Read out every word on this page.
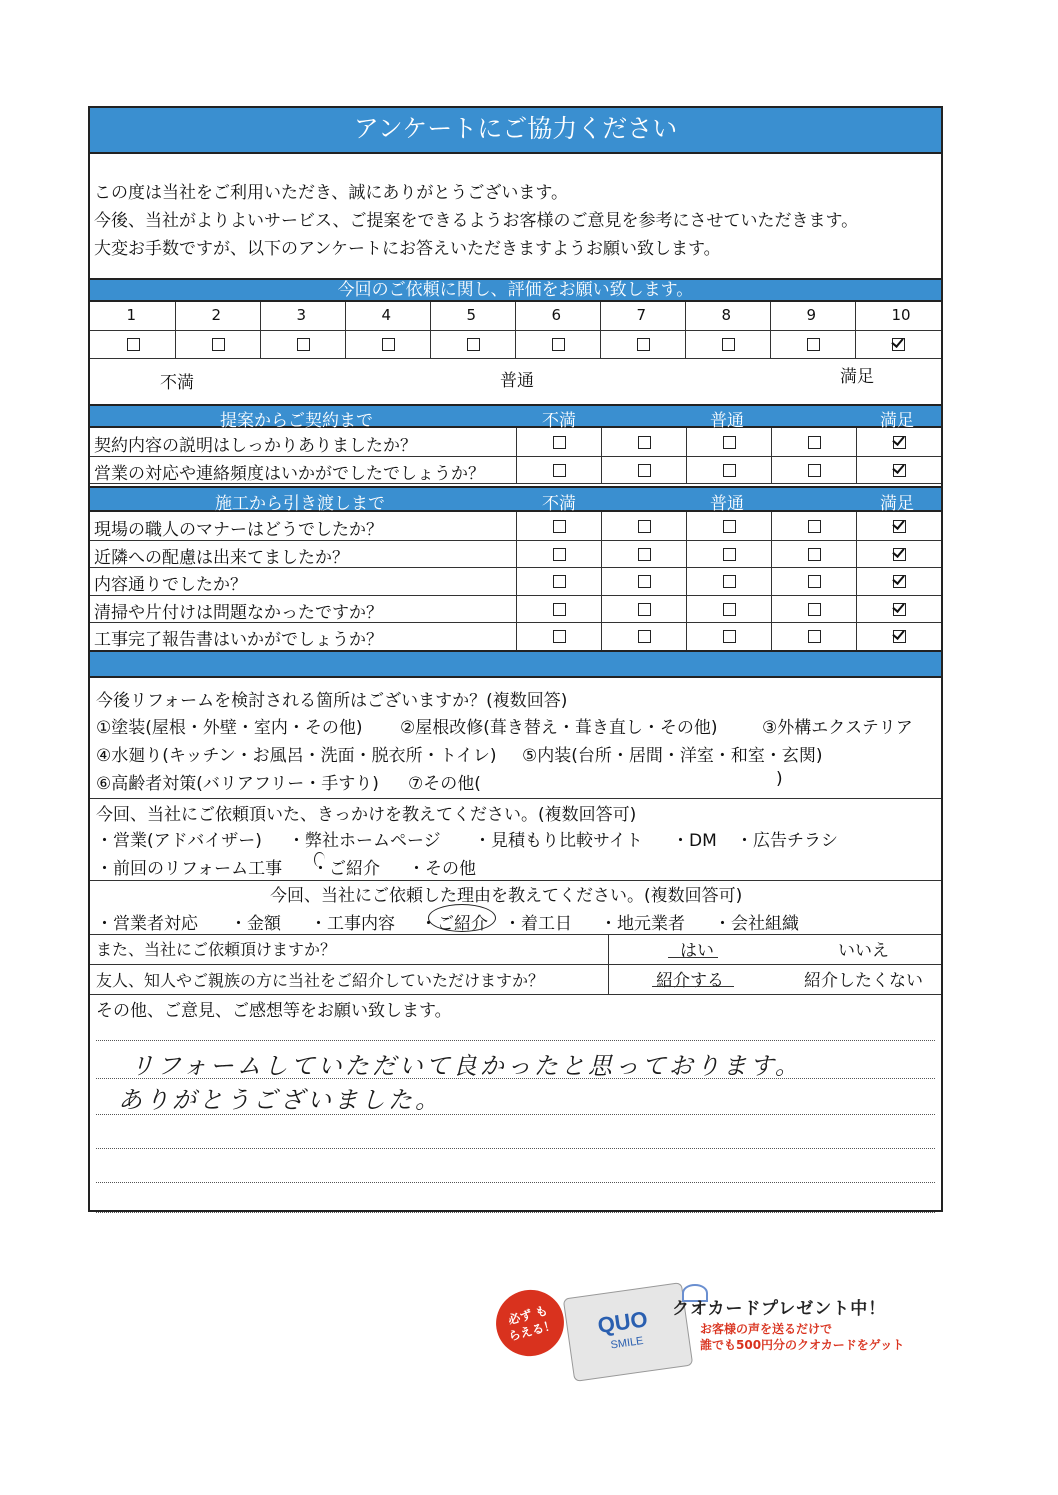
アンケートにご協力ください
この度は当社をご利用いただき、誠にありがとうございます。
今後、当社がよりよいサービス、ご提案をできるようお客様のご意見を参考にさせていただきます。
大変お手数ですが、以下のアンケートにお答えいただきますようお願い致します。
今回のご依頼に関し、評価をお願い致します。
1	2	3	4	5	6	7	8	9	10
不満	普通	満足
提案からご契約まで	不満	普通	満足
契約内容の説明はしっかりありましたか？
営業の対応や連絡頻度はいかがでしたでしょうか？
施工から引き渡しまで	不満	普通	満足
現場の職人のマナーはどうでしたか？
近隣への配慮は出来てましたか？
内容通りでしたか？
清掃や片付けは問題なかったですか？
工事完了報告書はいかがでしょうか？
今後リフォームを検討される箇所はございますか？(複数回答)
①塗装(屋根・外壁・室内・その他) ②屋根改修(葺き替え・葺き直し・その他)	③外構エクステリア
④水廻り(キッチン・お風呂・洗面・脱衣所・トイレ) ⑤内装(台所・居間・洋室・和室・玄関)
⑥高齢者対策(バリアフリー・手すり) ⑦その他(	)
今回、当社にご依頼頂いた、きっかけを教えてください。(複数回答可)
・営業(アドバイザー) ・弊社ホームページ ・見積もり比較サイト ・DM ・広告チラシ
・前回のリフォーム工事 ・ご紹介 ・その他
今回、当社にご依頼した理由を教えてください。(複数回答可)
・営業者対応 ・金額 ・工事内容 ・ご紹介 ・着工日 ・地元業者 ・会社組織
また、当社にご依頼頂けますか？	はい	いいえ
友人、知人やご親族の方に当社をご紹介していただけますか？	紹介する	紹介したくない
その他、ご意見、ご感想等をお願い致します。
リフォームしていただいて良かったと思っております。
ありがとうございました。
QUO
SMILE
必ず もらえる！
クオカードプレゼント中！
お客様の声を送るだけで
誰でも500円分のクオカードをゲット
